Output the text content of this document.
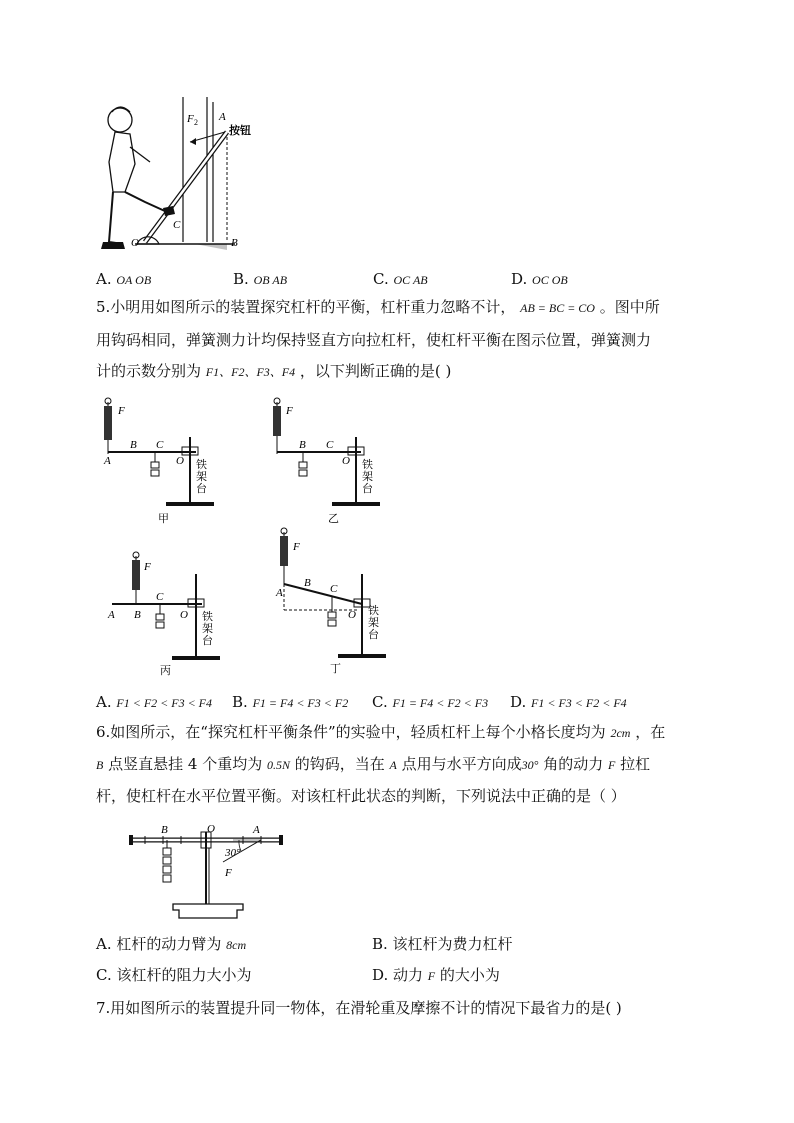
F 2 A
按钮
C
O	B
A. OA OB	B. OB AB	C. OC AB	D. OC OB
5.小明用如图所示的装置探究杠杆的平衡，杠杆重力忽略不计， AB = BC = CO 。图中所
用钩码相同，弹簧测力计均保持竖直方向拉杠杆，使杠杆平衡在图示位置，弹簧测力
计的示数分别为 F1、F2、F3、F4 ，以下判断正确的是( )
F
A
B C
O 铁
架
台
甲
F
B C
O 铁
架
台
乙
F
A B
C
O 铁
架
台
丙
F
A
B C
O 铁
架
台
丁
A. F1 < F2 < F3 < F4 B. F1 = F4 < F3 < F2 C. F1 = F4 < F2 < F3 D. F1 < F3 < F2 < F4
6.如图所示，在“探究杠杆平衡条件”的实验中，轻质杠杆上每个小格长度均为 2cm ，在
B 点竖直悬挂 4 个重均为 0.5N 的钩码，当在 A 点用与水平方向成30° 角的动力 F 拉杠
杆，使杠杆在水平位置平衡。对该杠杆此状态的判断，下列说法中正确的是（ ）
B	O	A
30°
F
A. 杠杆的动力臂为 8cm	B. 该杠杆为费力杠杆
C. 该杠杆的阻力大小为	D. 动力 F 的大小为
7.用如图所示的装置提升同一物体，在滑轮重及摩擦不计的情况下最省力的是( )
